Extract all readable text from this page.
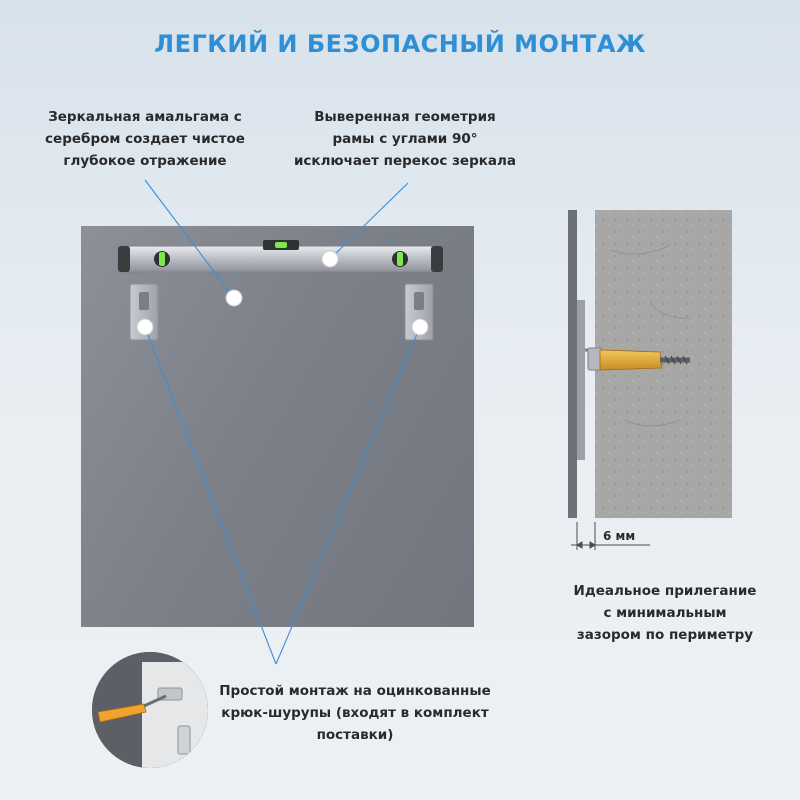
ЛЕГКИЙ И БЕЗОПАСНЫЙ МОНТАЖ
Зеркальная амальгама с
серебром создает чистое
глубокое отражение
Выверенная геометрия
рамы с углами 90°
исключает перекос зеркала
6 мм
Идеальное прилегание
с минимальным
зазором по периметру
Простой монтаж на оцинкованные
крюк-шурупы (входят в комплект
поставки)
